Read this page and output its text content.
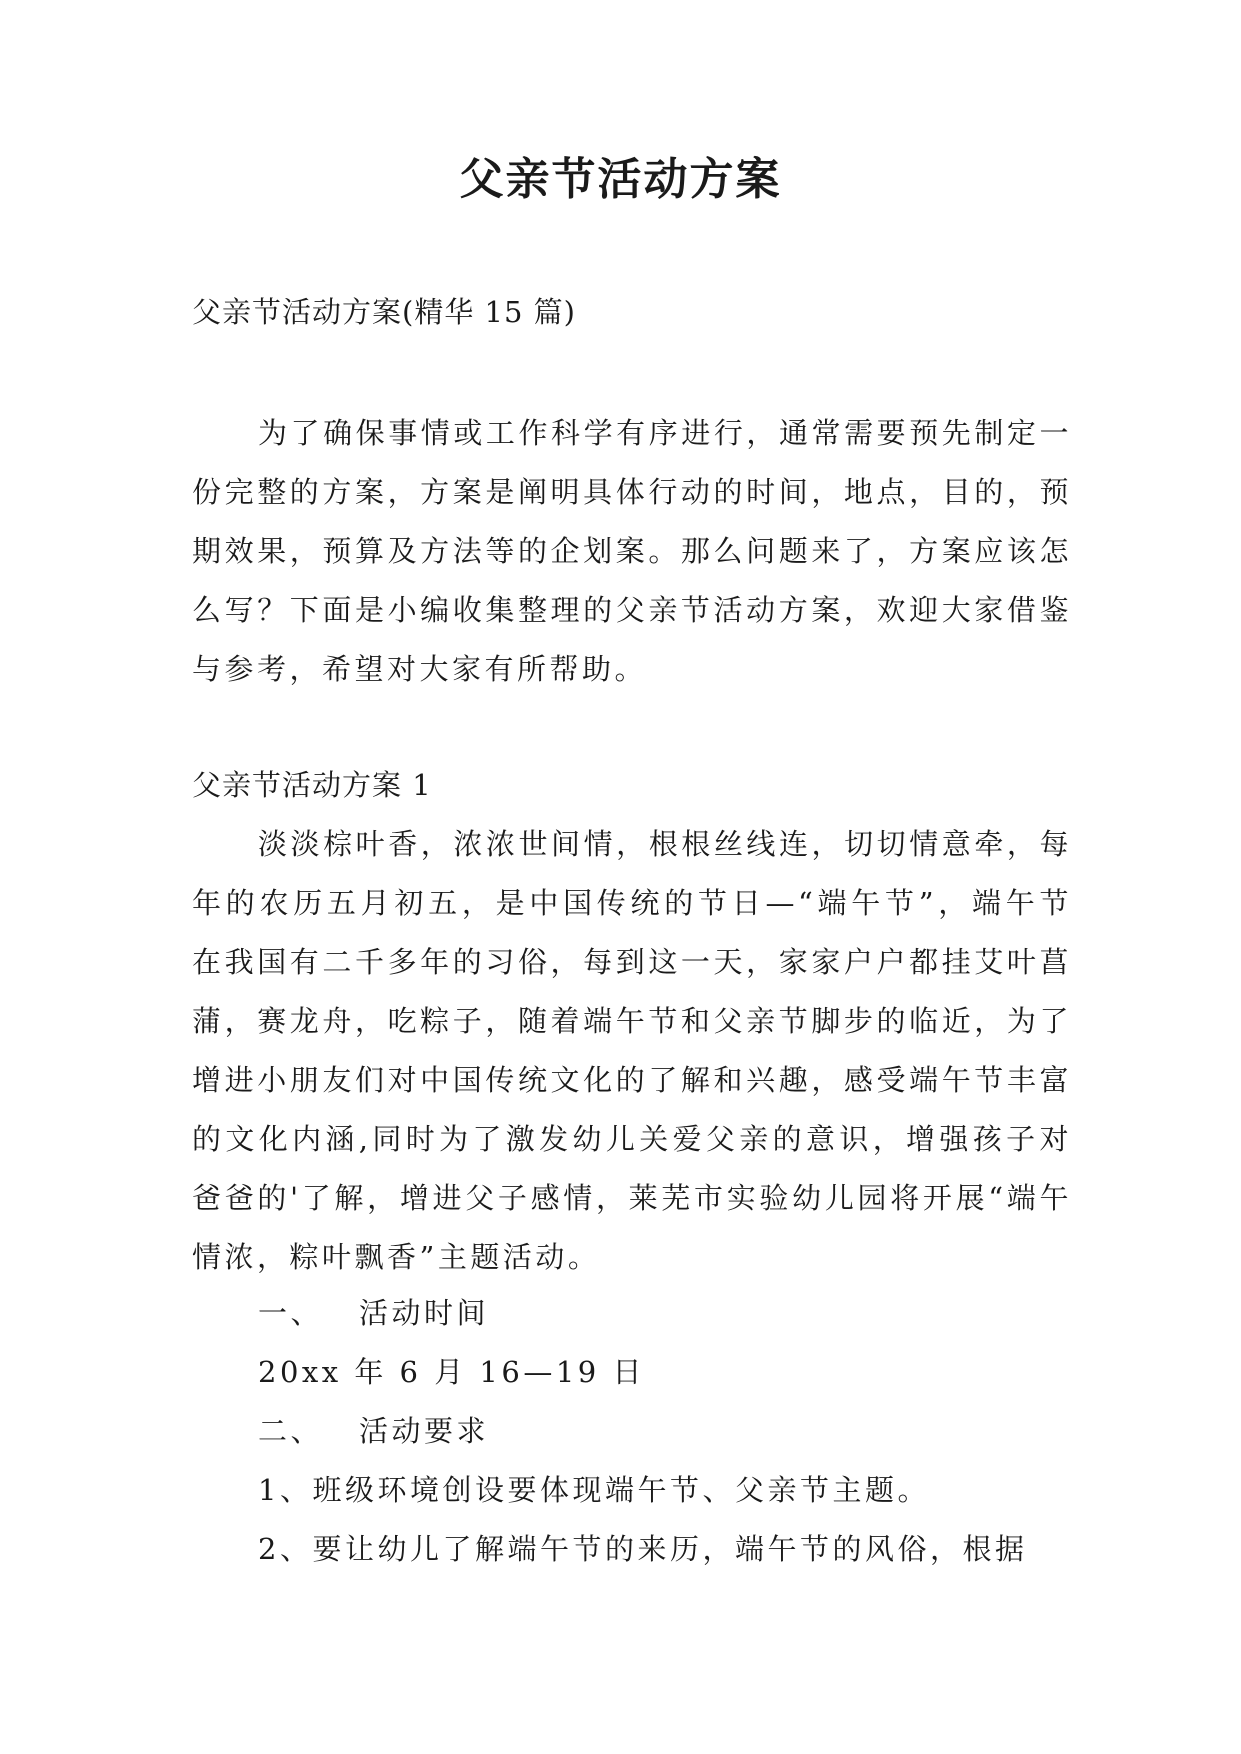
父亲节活动方案
父亲节活动方案(精华 15 篇)
为了确保事情或工作科学有序进行，通常需要预先制定一份完整的方案，方案是阐明具体行动的时间，地点，目的，预期效果，预算及方法等的企划案。那么问题来了，方案应该怎么写？下面是小编收集整理的父亲节活动方案，欢迎大家借鉴与参考，希望对大家有所帮助。
父亲节活动方案 1
淡淡棕叶香，浓浓世间情，根根丝线连，切切情意牵，每年的农历五月初五，是中国传统的节日—“端午节”，端午节在我国有二千多年的习俗，每到这一天，家家户户都挂艾叶菖蒲，赛龙舟，吃粽子，随着端午节和父亲节脚步的临近，为了增进小朋友们对中国传统文化的了解和兴趣，感受端午节丰富的文化内涵,同时为了激发幼儿关爱父亲的意识，增强孩子对爸爸的'了解，增进父子感情，莱芜市实验幼儿园将开展“端午情浓，粽叶飘香”主题活动。
一、 活动时间
20xx 年 6 月 16—19 日
二、 活动要求
1、班级环境创设要体现端午节、父亲节主题。
2、要让幼儿了解端午节的来历，端午节的风俗，根据
